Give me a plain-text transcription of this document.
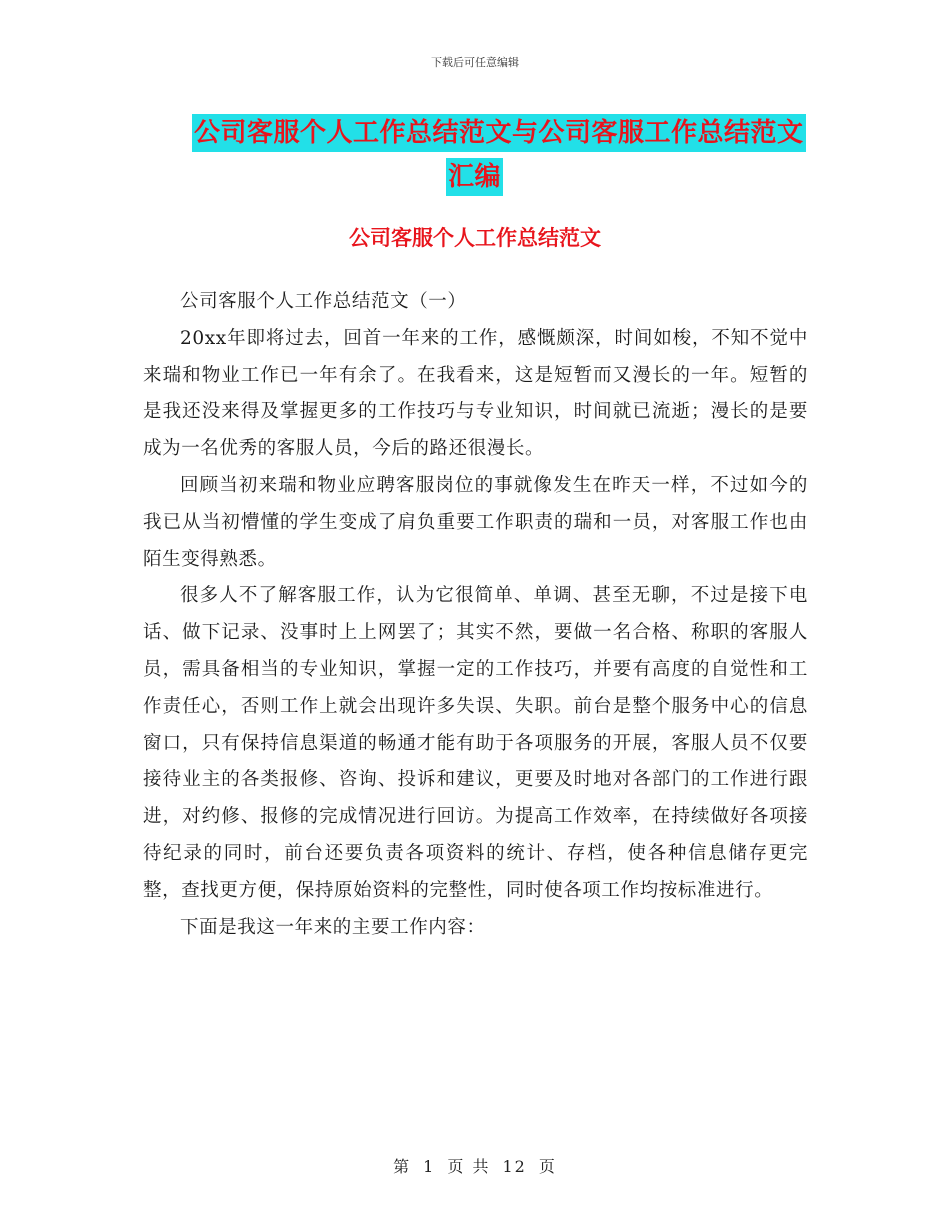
下载后可任意编辑
公司客服个人工作总结范文与公司客服工作总结范文
汇编
公司客服个人工作总结范文

公司客服个人工作总结范文（一）

20xx年即将过去，回首一年来的工作，感慨颇深，时间如梭，不知不觉中来瑞和物业工作已一年有余了。在我看来，这是短暂而又漫长的一年。短暂的是我还没来得及掌握更多的工作技巧与专业知识，时间就已流逝；漫长的是要成为一名优秀的客服人员，今后的路还很漫长。

回顾当初来瑞和物业应聘客服岗位的事就像发生在昨天一样，不过如今的我已从当初懵懂的学生变成了肩负重要工作职责的瑞和一员，对客服工作也由陌生变得熟悉。

很多人不了解客服工作，认为它很简单、单调、甚至无聊，不过是接下电话、做下记录、没事时上上网罢了；其实不然，要做一名合格、称职的客服人员，需具备相当的专业知识，掌握一定的工作技巧，并要有高度的自觉性和工作责任心，否则工作上就会出现许多失误、失职。前台是整个服务中心的信息窗口，只有保持信息渠道的畅通才能有助于各项服务的开展，客服人员不仅要接待业主的各类报修、咨询、投诉和建议，更要及时地对各部门的工作进行跟进，对约修、报修的完成情况进行回访。为提高工作效率，在持续做好各项接待纪录的同时，前台还要负责各项资料的统计、存档，使各种信息储存更完整，查找更方便，保持原始资料的完整性，同时使各项工作均按标准进行。

下面是我这一年来的主要工作内容：

第 1 页 共 12 页
